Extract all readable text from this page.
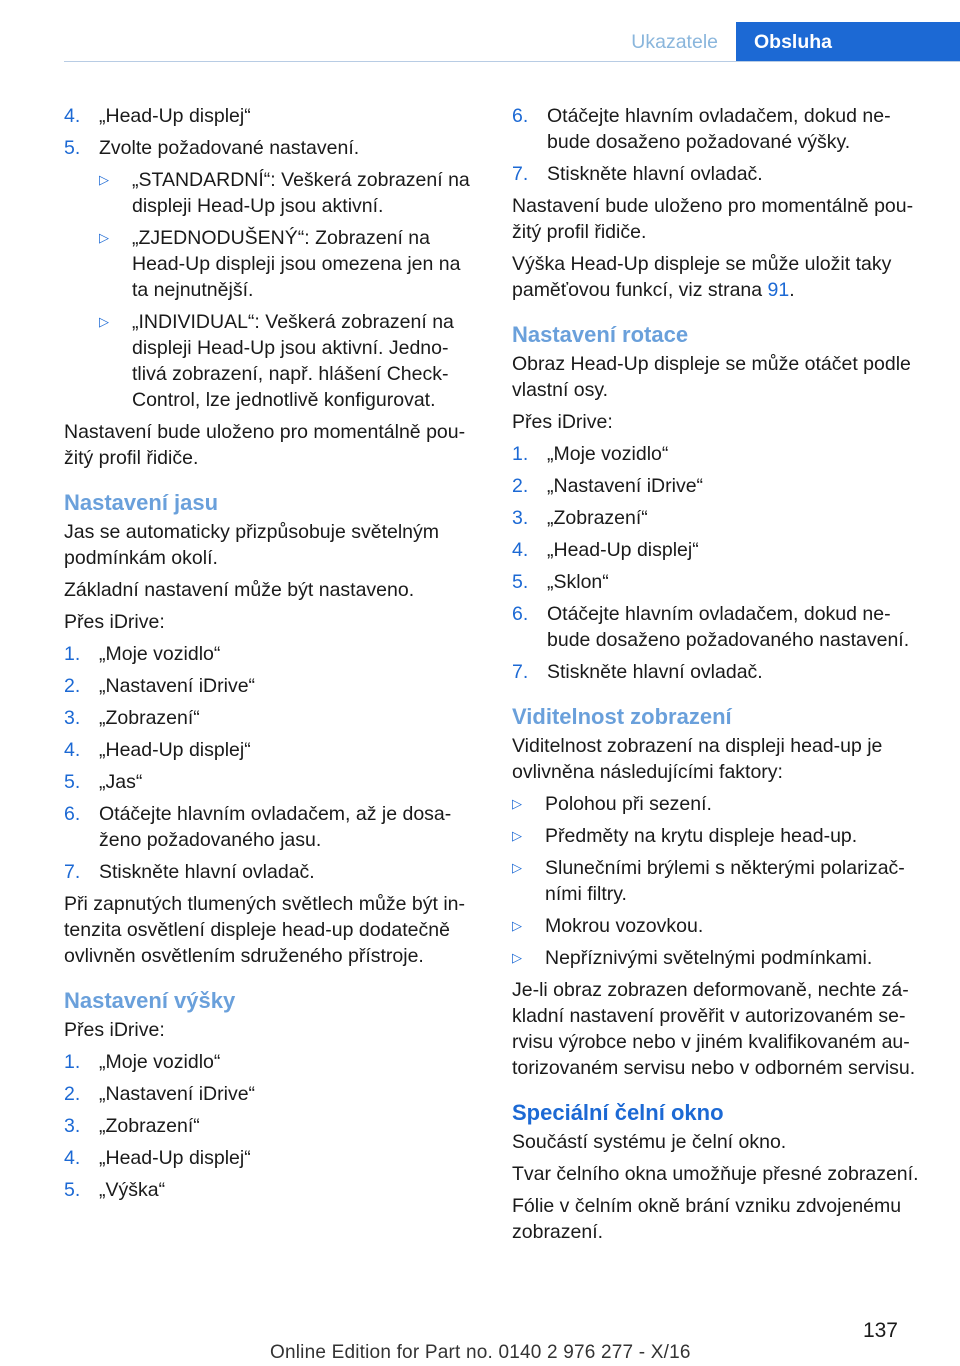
Ukazatele	Obsluha
4. „Head-Up displej“
5. Zvolte požadované nastavení.
▷	„STANDARDNÍ“: Veškerá zobrazení na displeji Head-Up jsou aktivní.
▷	„ZJEDNODUŠENÝ“: Zobrazení na Head-Up displeji jsou omezena jen na ta nejnutnější.
▷	„INDIVIDUAL“: Veškerá zobrazení na displeji Head-Up jsou aktivní. Jedno‐tlivá zobrazení, např. hlášení Check-Control, lze jednotlivě konfigurovat.

Nastavení bude uloženo pro momentálně pou‐žitý profil řidiče.

Nastavení jasu

Jas se automaticky přizpůsobuje světelným podmínkám okolí.

Základní nastavení může být nastaveno.

Přes iDrive:

1. „Moje vozidlo“
2. „Nastavení iDrive“
3. „Zobrazení“
4. „Head-Up displej“
5. „Jas“
6. Otáčejte hlavním ovladačem, až je dosa‐ženo požadovaného jasu.
7. Stiskněte hlavní ovladač.

Při zapnutých tlumených světlech může být in‐tenzita osvětlení displeje head-up dodatečně ovlivněn osvětlením sdruženého přístroje.

Nastavení výšky

Přes iDrive:

1. „Moje vozidlo“
2. „Nastavení iDrive“
3. „Zobrazení“
4. „Head-Up displej“
5. „Výška“
6. Otáčejte hlavním ovladačem, dokud ne‐bude dosaženo požadované výšky.
7. Stiskněte hlavní ovladač.

Nastavení bude uloženo pro momentálně pou‐žitý profil řidiče.

Výška Head-Up displeje se může uložit taky paměťovou funkcí, viz strana 91.

Nastavení rotace

Obraz Head-Up displeje se může otáčet podle vlastní osy.

Přes iDrive:

1. „Moje vozidlo“
2. „Nastavení iDrive“
3. „Zobrazení“
4. „Head-Up displej“
5. „Sklon“
6. Otáčejte hlavním ovladačem, dokud ne‐bude dosaženo požadovaného nastavení.
7. Stiskněte hlavní ovladač.
Viditelnost zobrazení

Viditelnost zobrazení na displeji head-up je ovlivněna následujícími faktory:

▷	Polohou při sezení.
▷	Předměty na krytu displeje head-up.
▷	Slunečními brýlemi s některými polarizač‐ními filtry.
▷	Mokrou vozovkou.
▷	Nepříznivými světelnými podmínkami.

Je-li obraz zobrazen deformovaně, nechte zá‐kladní nastavení prověřit v autorizovaném se‐rvisu výrobce nebo v jiném kvalifikovaném au‐torizovaném servisu nebo v odborném servisu.

Speciální čelní okno

Součástí systému je čelní okno.

Tvar čelního okna umožňuje přesné zobrazení.

Fólie v čelním okně brání vzniku zdvojenému zobrazení.

137
Online Edition for Part no. 0140 2 976 277 - X/16
